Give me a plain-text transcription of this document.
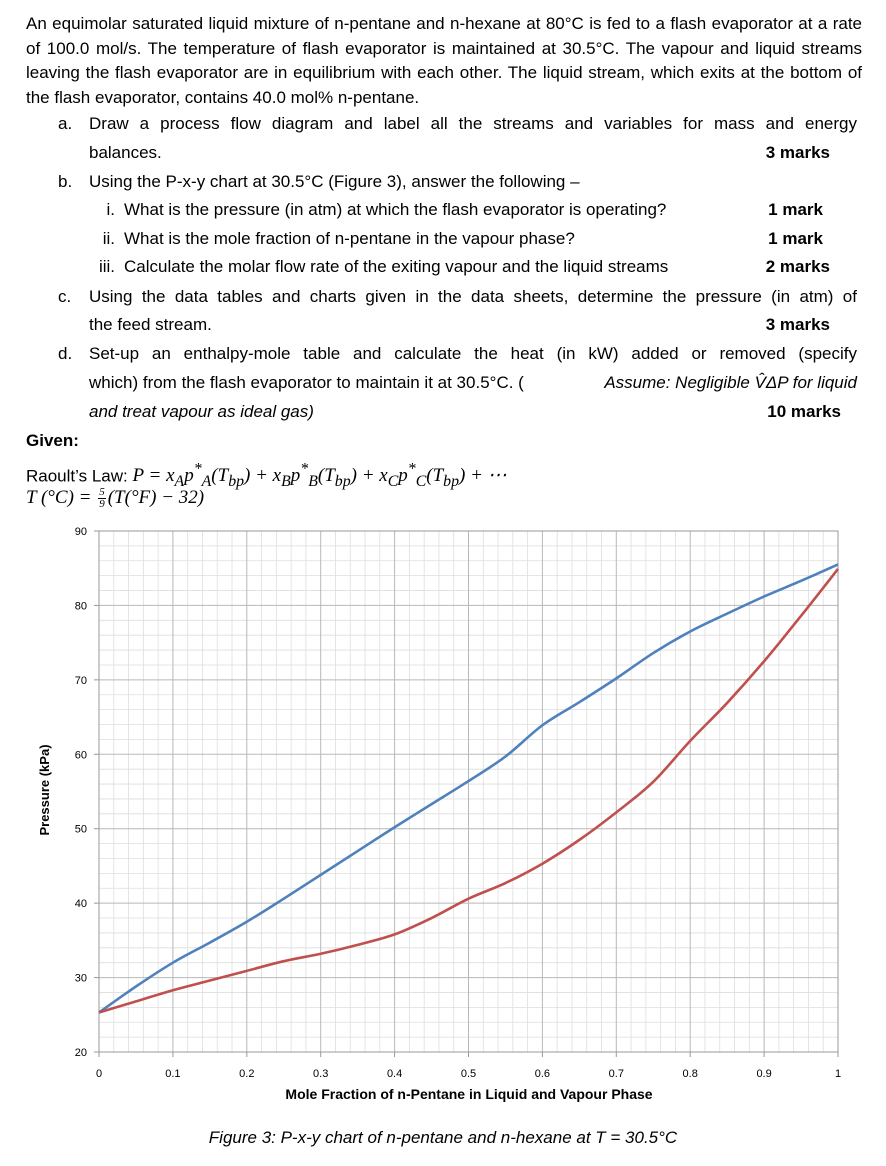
An equimolar saturated liquid mixture of n-pentane and n-hexane at 80°C is fed to a flash evaporator at a rate of 100.0 mol/s. The temperature of flash evaporator is maintained at 30.5°C. The vapour and liquid streams leaving the flash evaporator are in equilibrium with each other. The liquid stream, which exits at the bottom of the flash evaporator, contains 40.0 mol% n-pentane.
a. Draw a process flow diagram and label all the streams and variables for mass and energy
balances.	3 marks
b. Using the P-x-y chart at 30.5°C (Figure 3), answer the following –
i. What is the pressure (in atm) at which the flash evaporator is operating?	1 mark
ii. What is the mole fraction of n-pentane in the vapour phase?	1 mark
iii. Calculate the molar flow rate of the exiting vapour and the liquid streams	2 marks
c. Using the data tables and charts given in the data sheets, determine the pressure (in atm) of
the feed stream.	3 marks
d. Set-up an enthalpy-mole table and calculate the heat (in kW) added or removed (specify
which) from the flash evaporator to maintain it at 30.5°C. (	Assume: Negligible V̂ΔP for liquid
and treat vapour as ideal gas)	10 marks
Given:
Raoult’s Law: $P = x_Ap^*_A(T_{bp}) + x_Bp^*_B(T_{bp}) + x_Cp^*_C(T_{bp})$ + ⋯
T $(^\circ C) = \frac{5}{9} (T(^\circ F) - 32)$
0	0.1	0.2	0.3	0.4	0.5	0.6	0.7	0.8	0.9	1
20
30
40
50
60
70
80
90
Mole Fraction of n-Pentane in Liquid and Vapour Phase
Pressure (kPa)
Figure 3: P-x-y chart of n-pentane and n-hexane at T = 30.5°C
